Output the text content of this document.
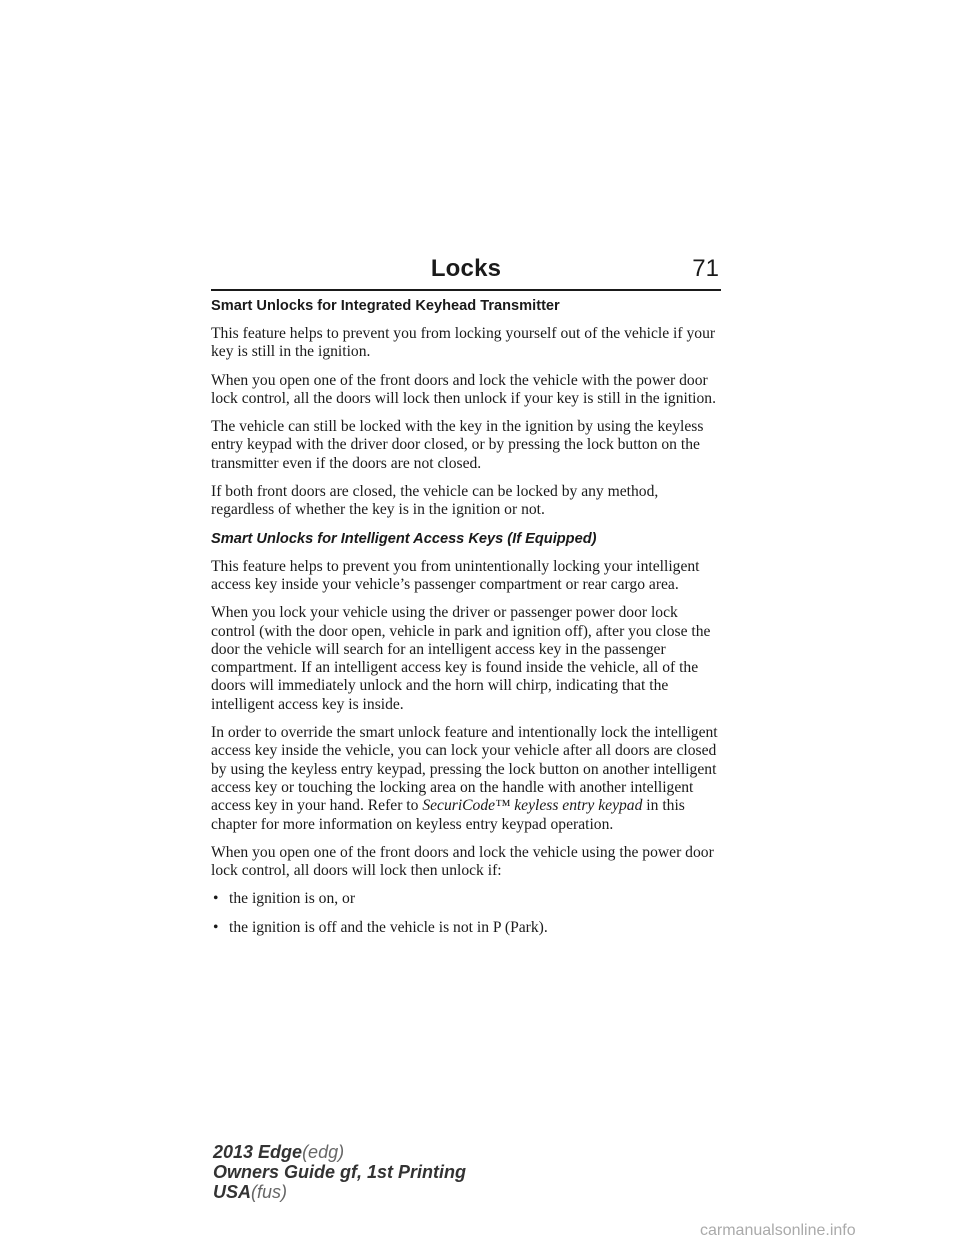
Locks	71
Smart Unlocks for Integrated Keyhead Transmitter

This feature helps to prevent you from locking yourself out of the vehicle if your key is still in the ignition.

When you open one of the front doors and lock the vehicle with the power door lock control, all the doors will lock then unlock if your key is still in the ignition.

The vehicle can still be locked with the key in the ignition by using the keyless entry keypad with the driver door closed, or by pressing the lock button on the transmitter even if the doors are not closed.

If both front doors are closed, the vehicle can be locked by any method, regardless of whether the key is in the ignition or not.

Smart Unlocks for Intelligent Access Keys (If Equipped)

This feature helps to prevent you from unintentionally locking your intelligent access key inside your vehicle’s passenger compartment or rear cargo area.

When you lock your vehicle using the driver or passenger power door lock control (with the door open, vehicle in park and ignition off), after you close the door the vehicle will search for an intelligent access key in the passenger compartment. If an intelligent access key is found inside the vehicle, all of the doors will immediately unlock and the horn will chirp, indicating that the intelligent access key is inside.

In order to override the smart unlock feature and intentionally lock the intelligent access key inside the vehicle, you can lock your vehicle after all doors are closed by using the keyless entry keypad, pressing the lock button on another intelligent access key or touching the locking area on the handle with another intelligent access key in your hand. Refer to SecuriCode™ keyless entry keypad in this chapter for more information on keyless entry keypad operation.

When you open one of the front doors and lock the vehicle using the power door lock control, all doors will lock then unlock if:

• the ignition is on, or
• the ignition is off and the vehicle is not in P (Park).
2013 Edge(edg)
Owners Guide gf, 1st Printing
USA(fus)
carmanualsonline.info
